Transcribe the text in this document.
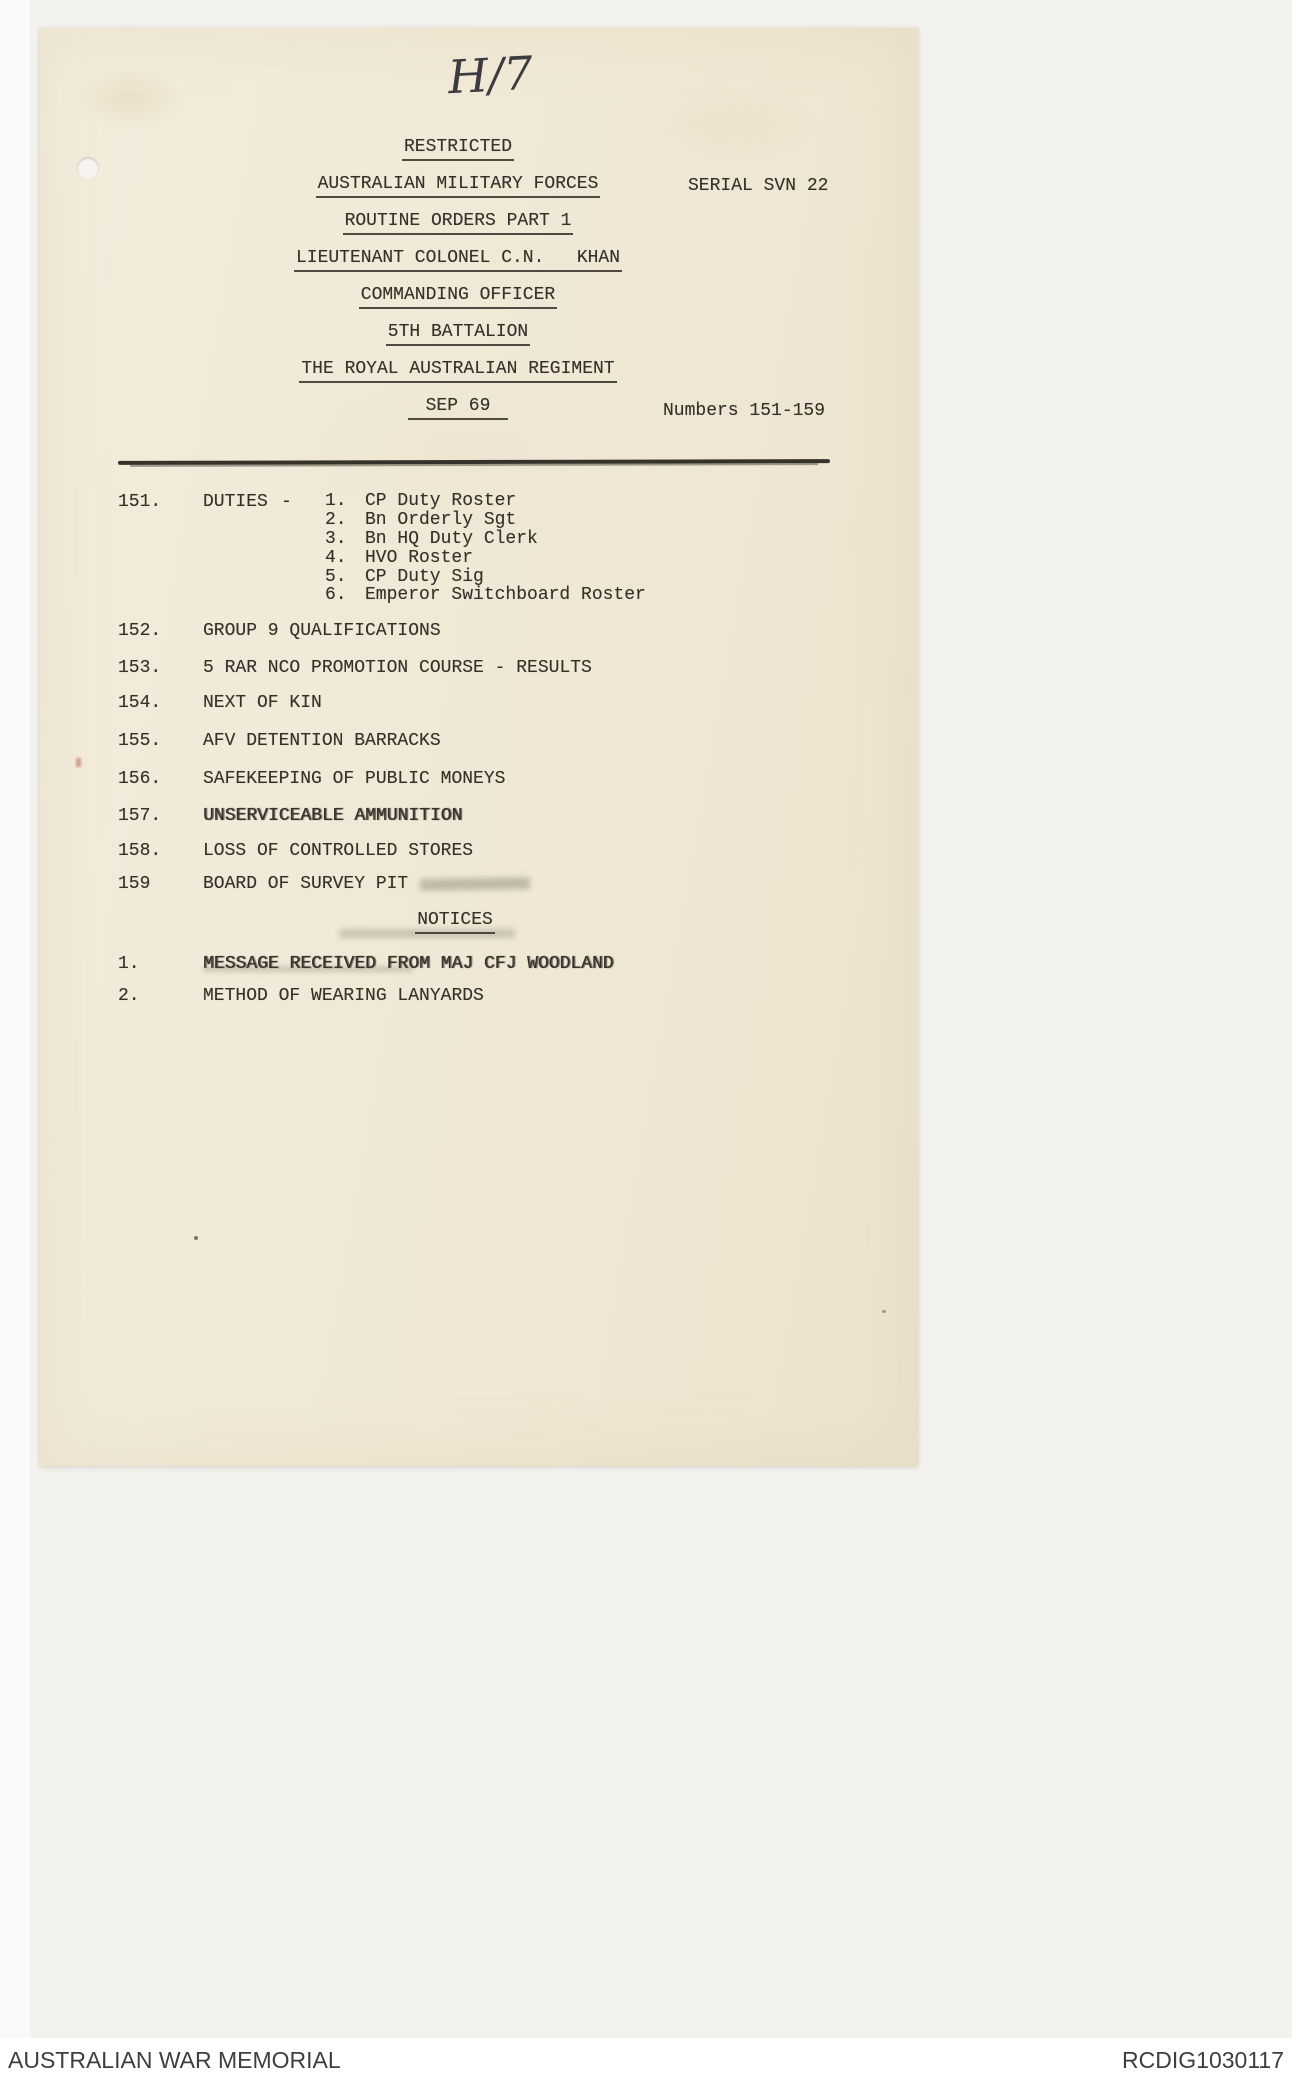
H/7
RESTRICTED
AUSTRALIAN MILITARY FORCES
ROUTINE ORDERS PART 1
LIEUTENANT COLONEL C.N.   KHAN
COMMANDING OFFICER
5TH BATTALION
THE ROYAL AUSTRALIAN REGIMENT
SEP 69
SERIAL SVN 22
Numbers 151-159
151. DUTIES - 1. CP Duty Roster
2. Bn Orderly Sgt
3. Bn HQ Duty Clerk
4. HVO Roster
5. CP Duty Sig
6. Emperor Switchboard Roster
152. GROUP 9 QUALIFICATIONS
153. 5 RAR NCO PROMOTION COURSE - RESULTS
154. NEXT OF KIN
155. AFV DETENTION BARRACKS
156. SAFEKEEPING OF PUBLIC MONEYS
157. UNSERVICEABLE AMMUNITION
158. LOSS OF CONTROLLED STORES
159	BOARD OF SURVEY PIT
NOTICES
1.	MESSAGE RECEIVED FROM MAJ CFJ WOODLAND
2.	METHOD OF WEARING LANYARDS
AUSTRALIAN WAR MEMORIAL	RCDIG1030117
